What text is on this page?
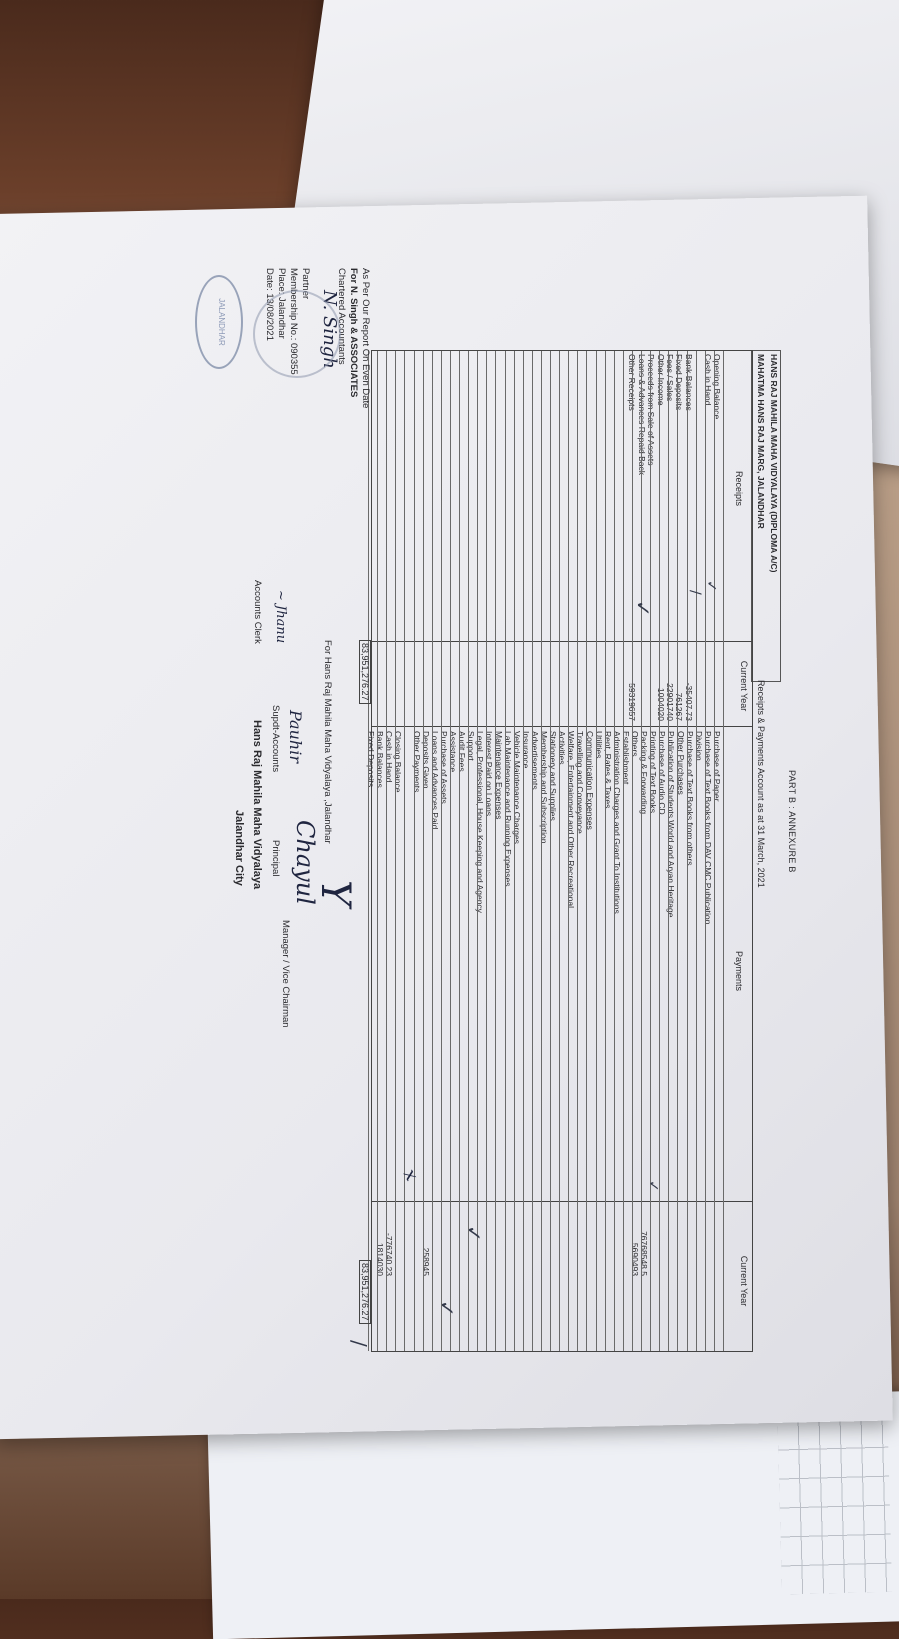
PART B : ANNEXURE B
HANS RAJ MAHILA MAHA VIDYALAYA (DIPLOMA A/C)
MAHATMA HANS RAJ MARG, JALANDHAR
Receipts & Payments Account as at 31 March, 2021
Receipts
Current Year
Payments
Current Year
Opening Balance
Cash in Hand
Bank Balances
-35407.73
Fixed Deposits
761267
Fees / Sales
22901740
Other Income
1004020
Proceeds from Sale of Assets
Loans & Advances Repaid Back
Other Receipts
59319657
Purchase of Paper
Purchase of Text Books from DAV CMC Publication
Division
Purchase of Text Books from others
Other Purchases
Publication of Students World and Aryan Heritage
Purchase of Audio CD
Printing of Text Books
Packing & Forwarding
76768548.5
Others
5690493
Establishment
Administration Charges and Grant To Institutions
Rent, Rates & Taxes
Utilities
Communication Expenses
Travelling and Conveyance
Welfare, Entertainment and Other Recreational
Activities
Stationery and Supplies
Membership and Subscription
Advertisements
Insurance
Vehicle Maintenance Charges
Lab Maintenance and Running Expenses
Maintenance Expenses
Interest Paid on Loans
Legal, Professional, House Keeping and Agency
Support
Audit Fees
Assistance
Purchase of Assets
Loans and Advances Paid
Deposits Given
258945
Other Payments
Closing Balance
Cash in Hand
-776740.23
Bank Balances
1814030
Fixed Deposits
83,951,276.27
83,951,276.27
✓
/
✓
✓
✓
✓
/
For Hans Raj Mahila Maha Vidyalaya ,Jalandhar
~ Jhanu
Accounts Clerk
Pauhir
Supdt-Accounts
Chayul
Principal
Hans Raj Mahila Maha Vidyalaya
Jalandhar City
Y
Manager / Vice Chairman
As Per Our Report On Even Date
For N. Singh & ASSOCIATES
Chartered Accountants
Partner
Membership No.: 090355
Place: Jalandhar
Date: 13/08/2021 N. Singh
JALANDHAR
x
